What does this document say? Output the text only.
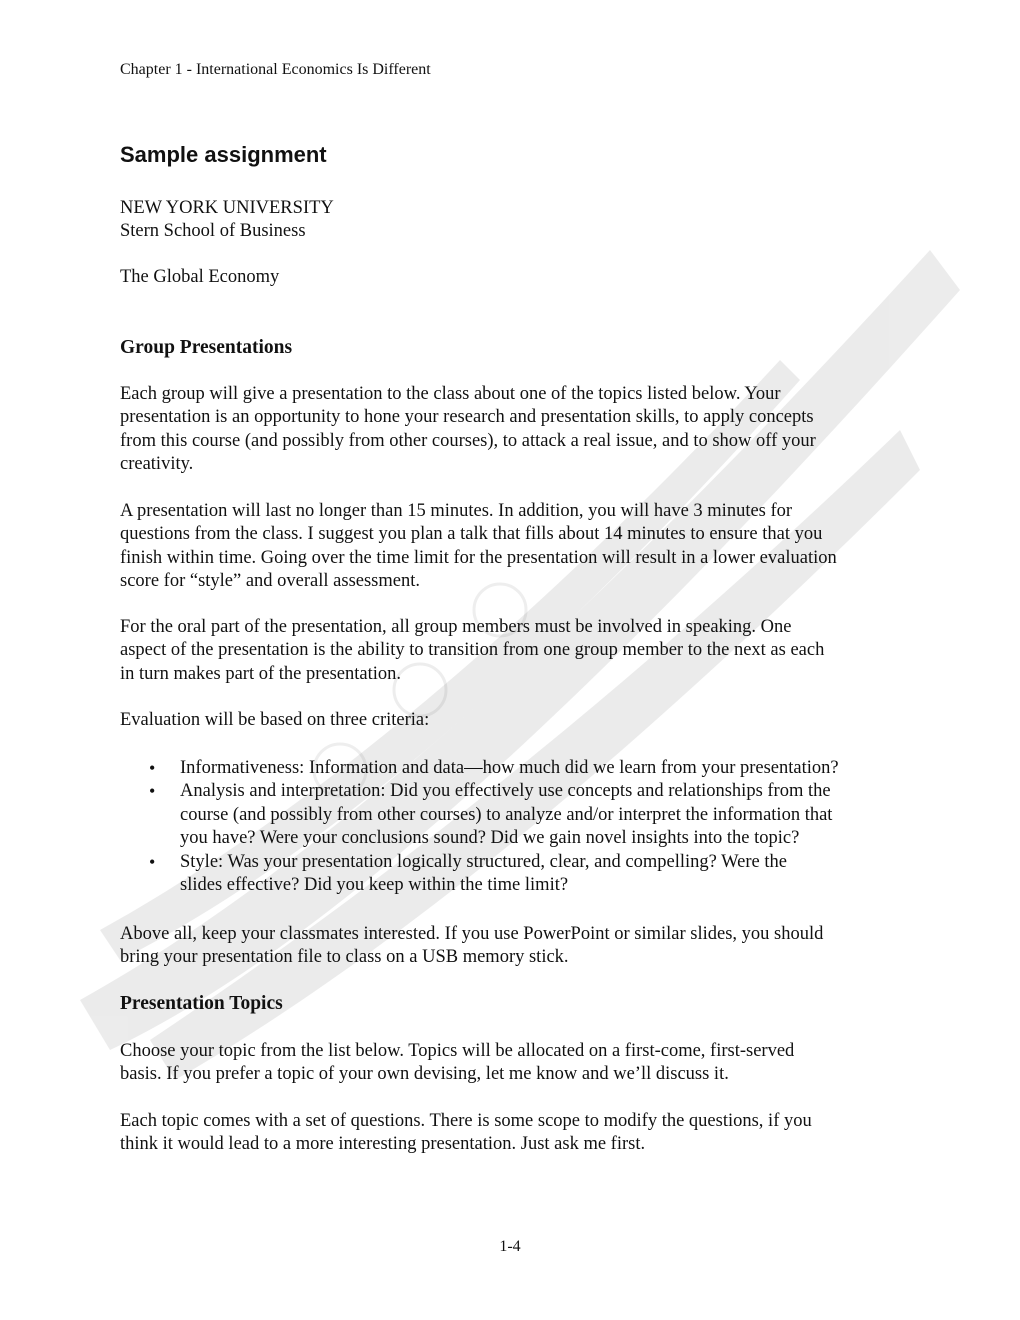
Chapter 1 - International Economics Is Different
Sample assignment
NEW YORK UNIVERSITY
Stern School of Business
The Global Economy
Group Presentations

Each group will give a presentation to the class about one of the topics listed below. Your
presentation is an opportunity to hone your research and presentation skills, to apply concepts
from this course (and possibly from other courses), to attack a real issue, and to show off your
creativity.

A presentation will last no longer than 15 minutes. In addition, you will have 3 minutes for
questions from the class. I suggest you plan a talk that fills about 14 minutes to ensure that you
finish within time. Going over the time limit for the presentation will result in a lower evaluation
score for “style” and overall assessment.

For the oral part of the presentation, all group members must be involved in speaking. One
aspect of the presentation is the ability to transition from one group member to the next as each
in turn makes part of the presentation.

Evaluation will be based on three criteria:

• Informativeness: Information and data—how much did we learn from your presentation?
• Analysis and interpretation: Did you effectively use concepts and relationships from the
course (and possibly from other courses) to analyze and/or interpret the information that
you have? Were your conclusions sound? Did we gain novel insights into the topic?
• Style: Was your presentation logically structured, clear, and compelling? Were the
slides effective? Did you keep within the time limit?

Above all, keep your classmates interested. If you use PowerPoint or similar slides, you should
bring your presentation file to class on a USB memory stick.

Presentation Topics

Choose your topic from the list below. Topics will be allocated on a first-come, first-served
basis. If you prefer a topic of your own devising, let me know and we’ll discuss it.

Each topic comes with a set of questions. There is some scope to modify the questions, if you
think it would lead to a more interesting presentation. Just ask me first.

1-4
